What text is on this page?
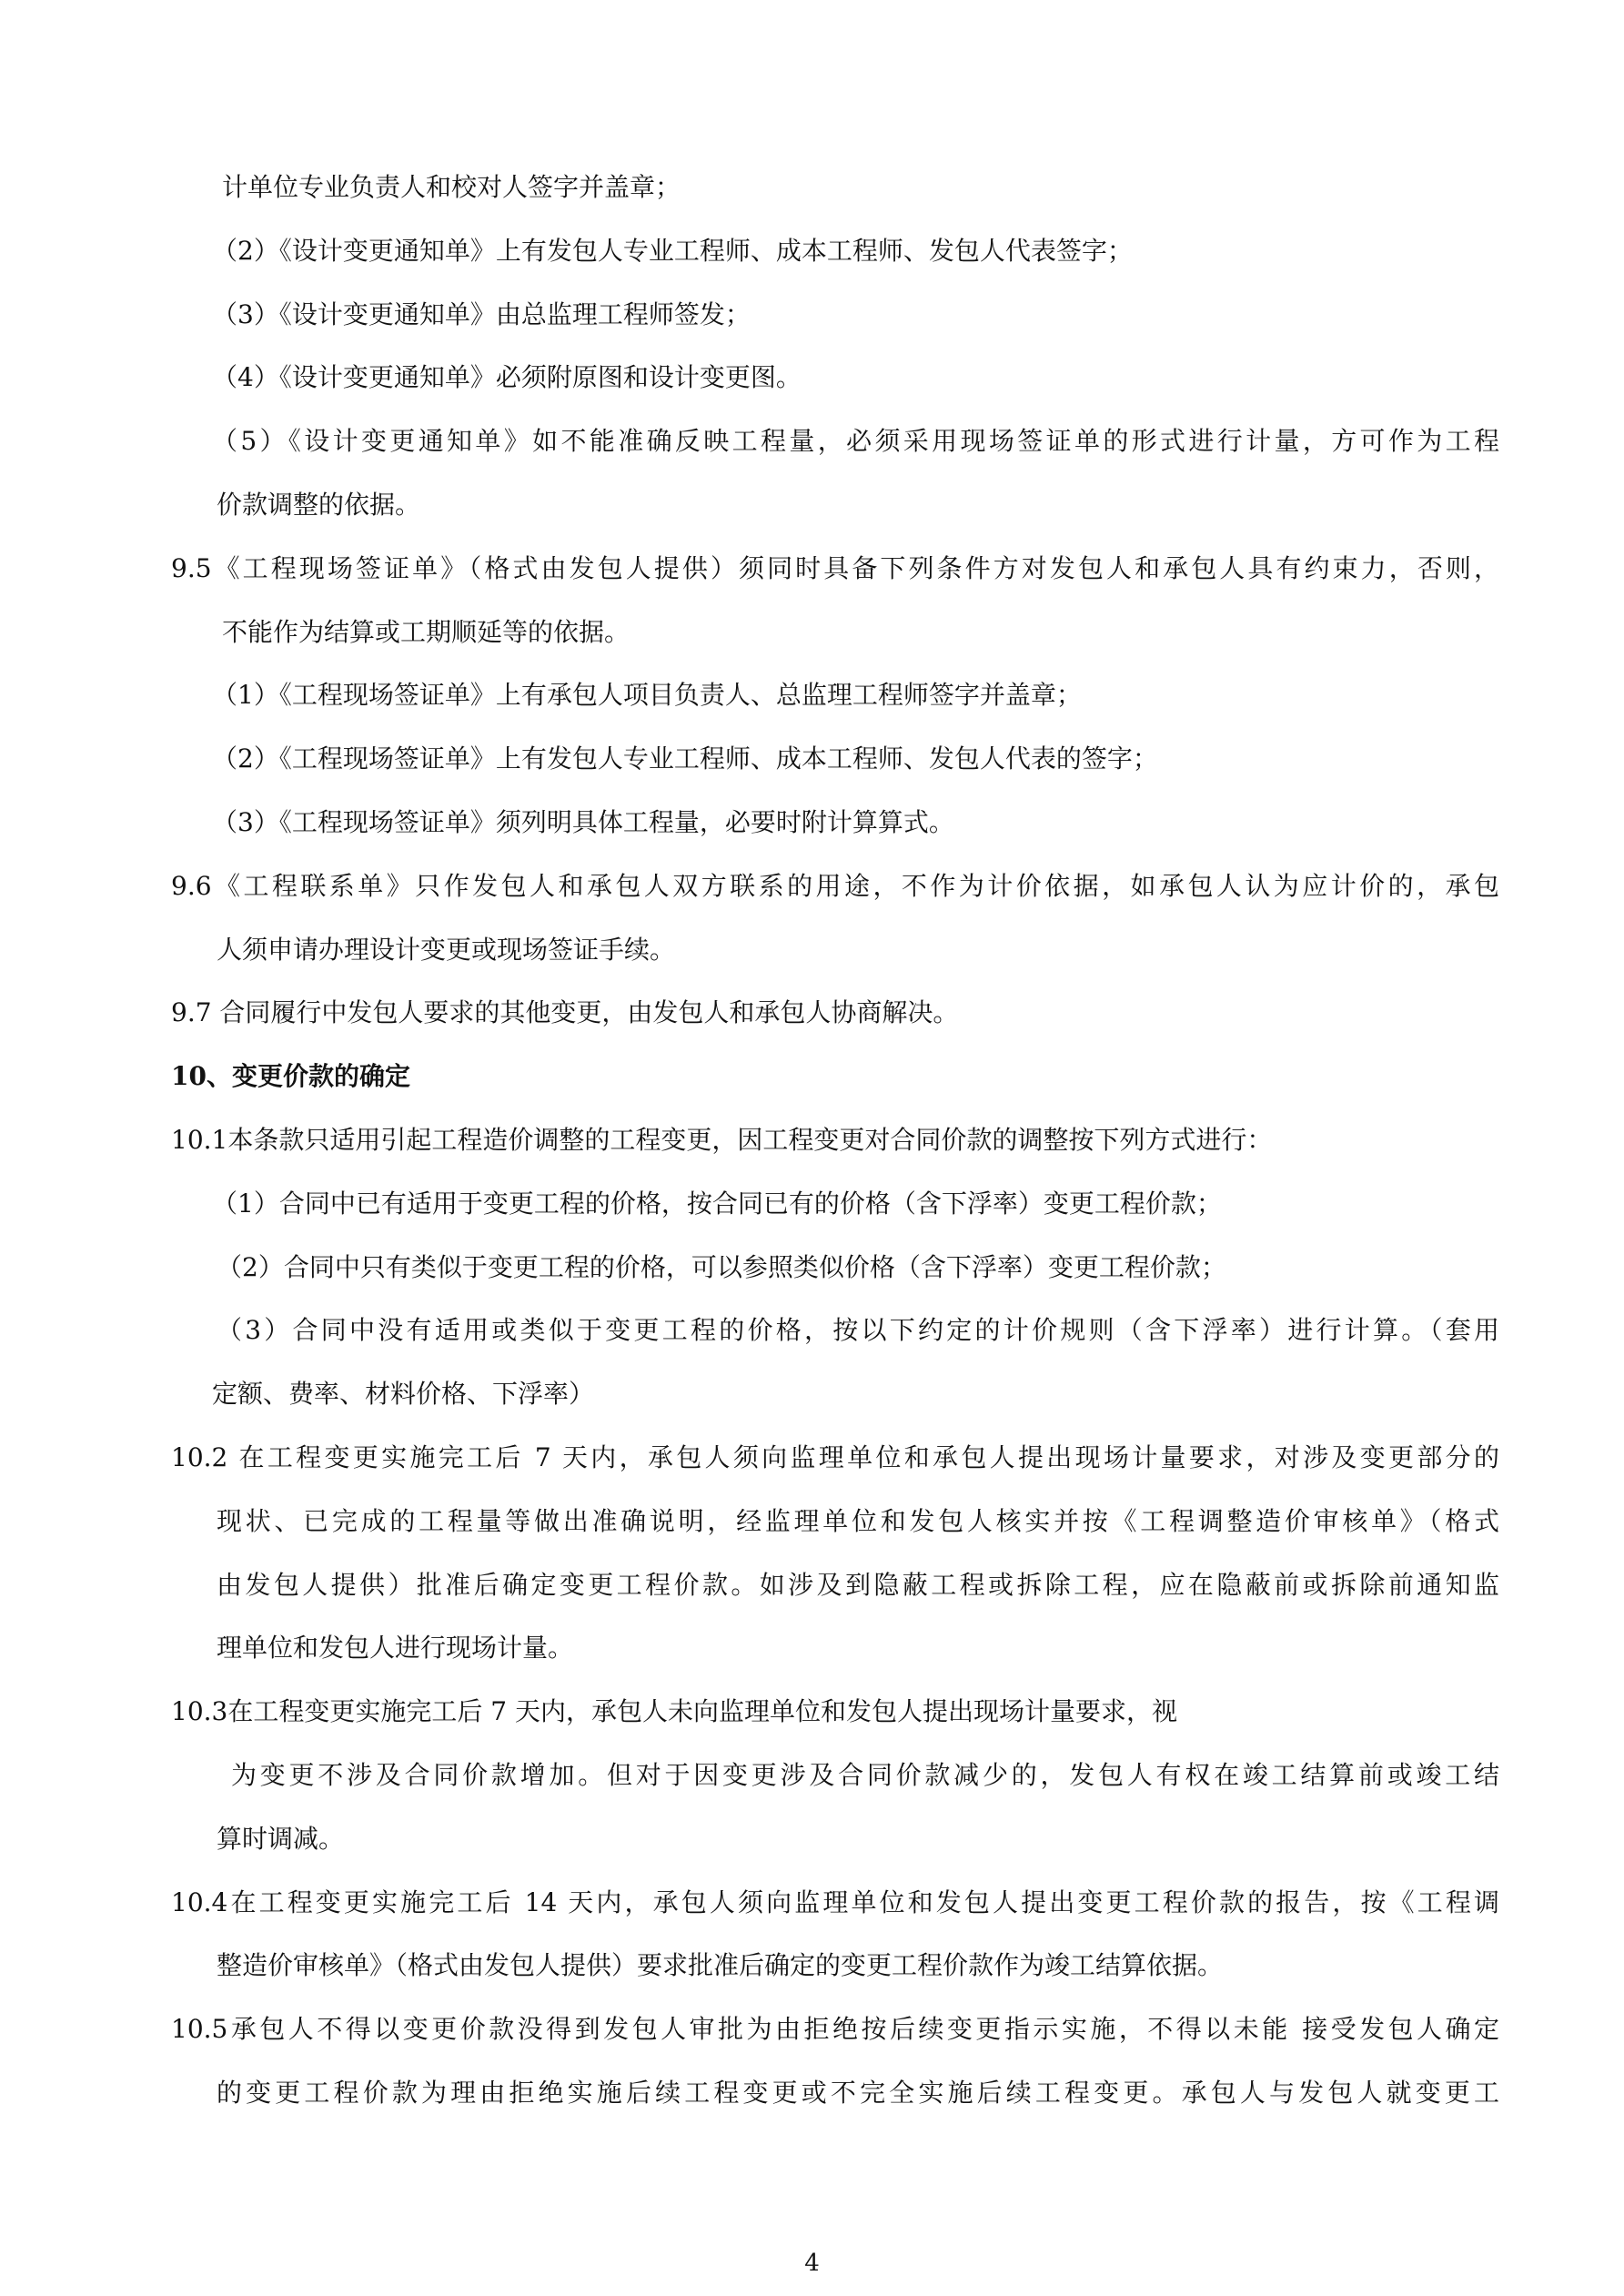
计单位专业负责人和校对人签字并盖章；
（2）《设计变更通知单》上有发包人专业工程师、成本工程师、发包人代表签字；
（3）《设计变更通知单》由总监理工程师签发；
（4）《设计变更通知单》必须附原图和设计变更图。
（5）《设计变更通知单》如不能准确反映工程量，必须采用现场签证单的形式进行计量，方可作为工程
价款调整的依据。
9.5《工程现场签证单》（格式由发包人提供）须同时具备下列条件方对发包人和承包人具有约束力，否则，
不能作为结算或工期顺延等的依据。
（1）《工程现场签证单》上有承包人项目负责人、总监理工程师签字并盖章；
（2）《工程现场签证单》上有发包人专业工程师、成本工程师、发包人代表的签字；
（3）《工程现场签证单》须列明具体工程量，必要时附计算算式。
9.6《工程联系单》只作发包人和承包人双方联系的用途，不作为计价依据，如承包人认为应计价的，承包
人须申请办理设计变更或现场签证手续。
9.7 合同履行中发包人要求的其他变更，由发包人和承包人协商解决。
10、变更价款的确定
10.1本条款只适用引起工程造价调整的工程变更，因工程变更对合同价款的调整按下列方式进行：
（1）合同中已有适用于变更工程的价格，按合同已有的价格（含下浮率）变更工程价款；
（2）合同中只有类似于变更工程的价格，可以参照类似价格（含下浮率）变更工程价款；
（3）合同中没有适用或类似于变更工程的价格，按以下约定的计价规则（含下浮率）进行计算。（套用
定额、费率、材料价格、下浮率）
10.2 在工程变更实施完工后 7 天内，承包人须向监理单位和承包人提出现场计量要求，对涉及变更部分的
现状、已完成的工程量等做出准确说明，经监理单位和发包人核实并按《工程调整造价审核单》（格式
由发包人提供）批准后确定变更工程价款。如涉及到隐蔽工程或拆除工程，应在隐蔽前或拆除前通知监
理单位和发包人进行现场计量。
10.3在工程变更实施完工后 7 天内，承包人未向监理单位和发包人提出现场计量要求，视
为变更不涉及合同价款增加。但对于因变更涉及合同价款减少的，发包人有权在竣工结算前或竣工结
算时调减。
10.4在工程变更实施完工后 14 天内，承包人须向监理单位和发包人提出变更工程价款的报告，按《工程调
整造价审核单》（格式由发包人提供）要求批准后确定的变更工程价款作为竣工结算依据。
10.5承包人不得以变更价款没得到发包人审批为由拒绝按后续变更指示实施，不得以未能 接受发包人确定
的变更工程价款为理由拒绝实施后续工程变更或不完全实施后续工程变更。承包人与发包人就变更工
4
